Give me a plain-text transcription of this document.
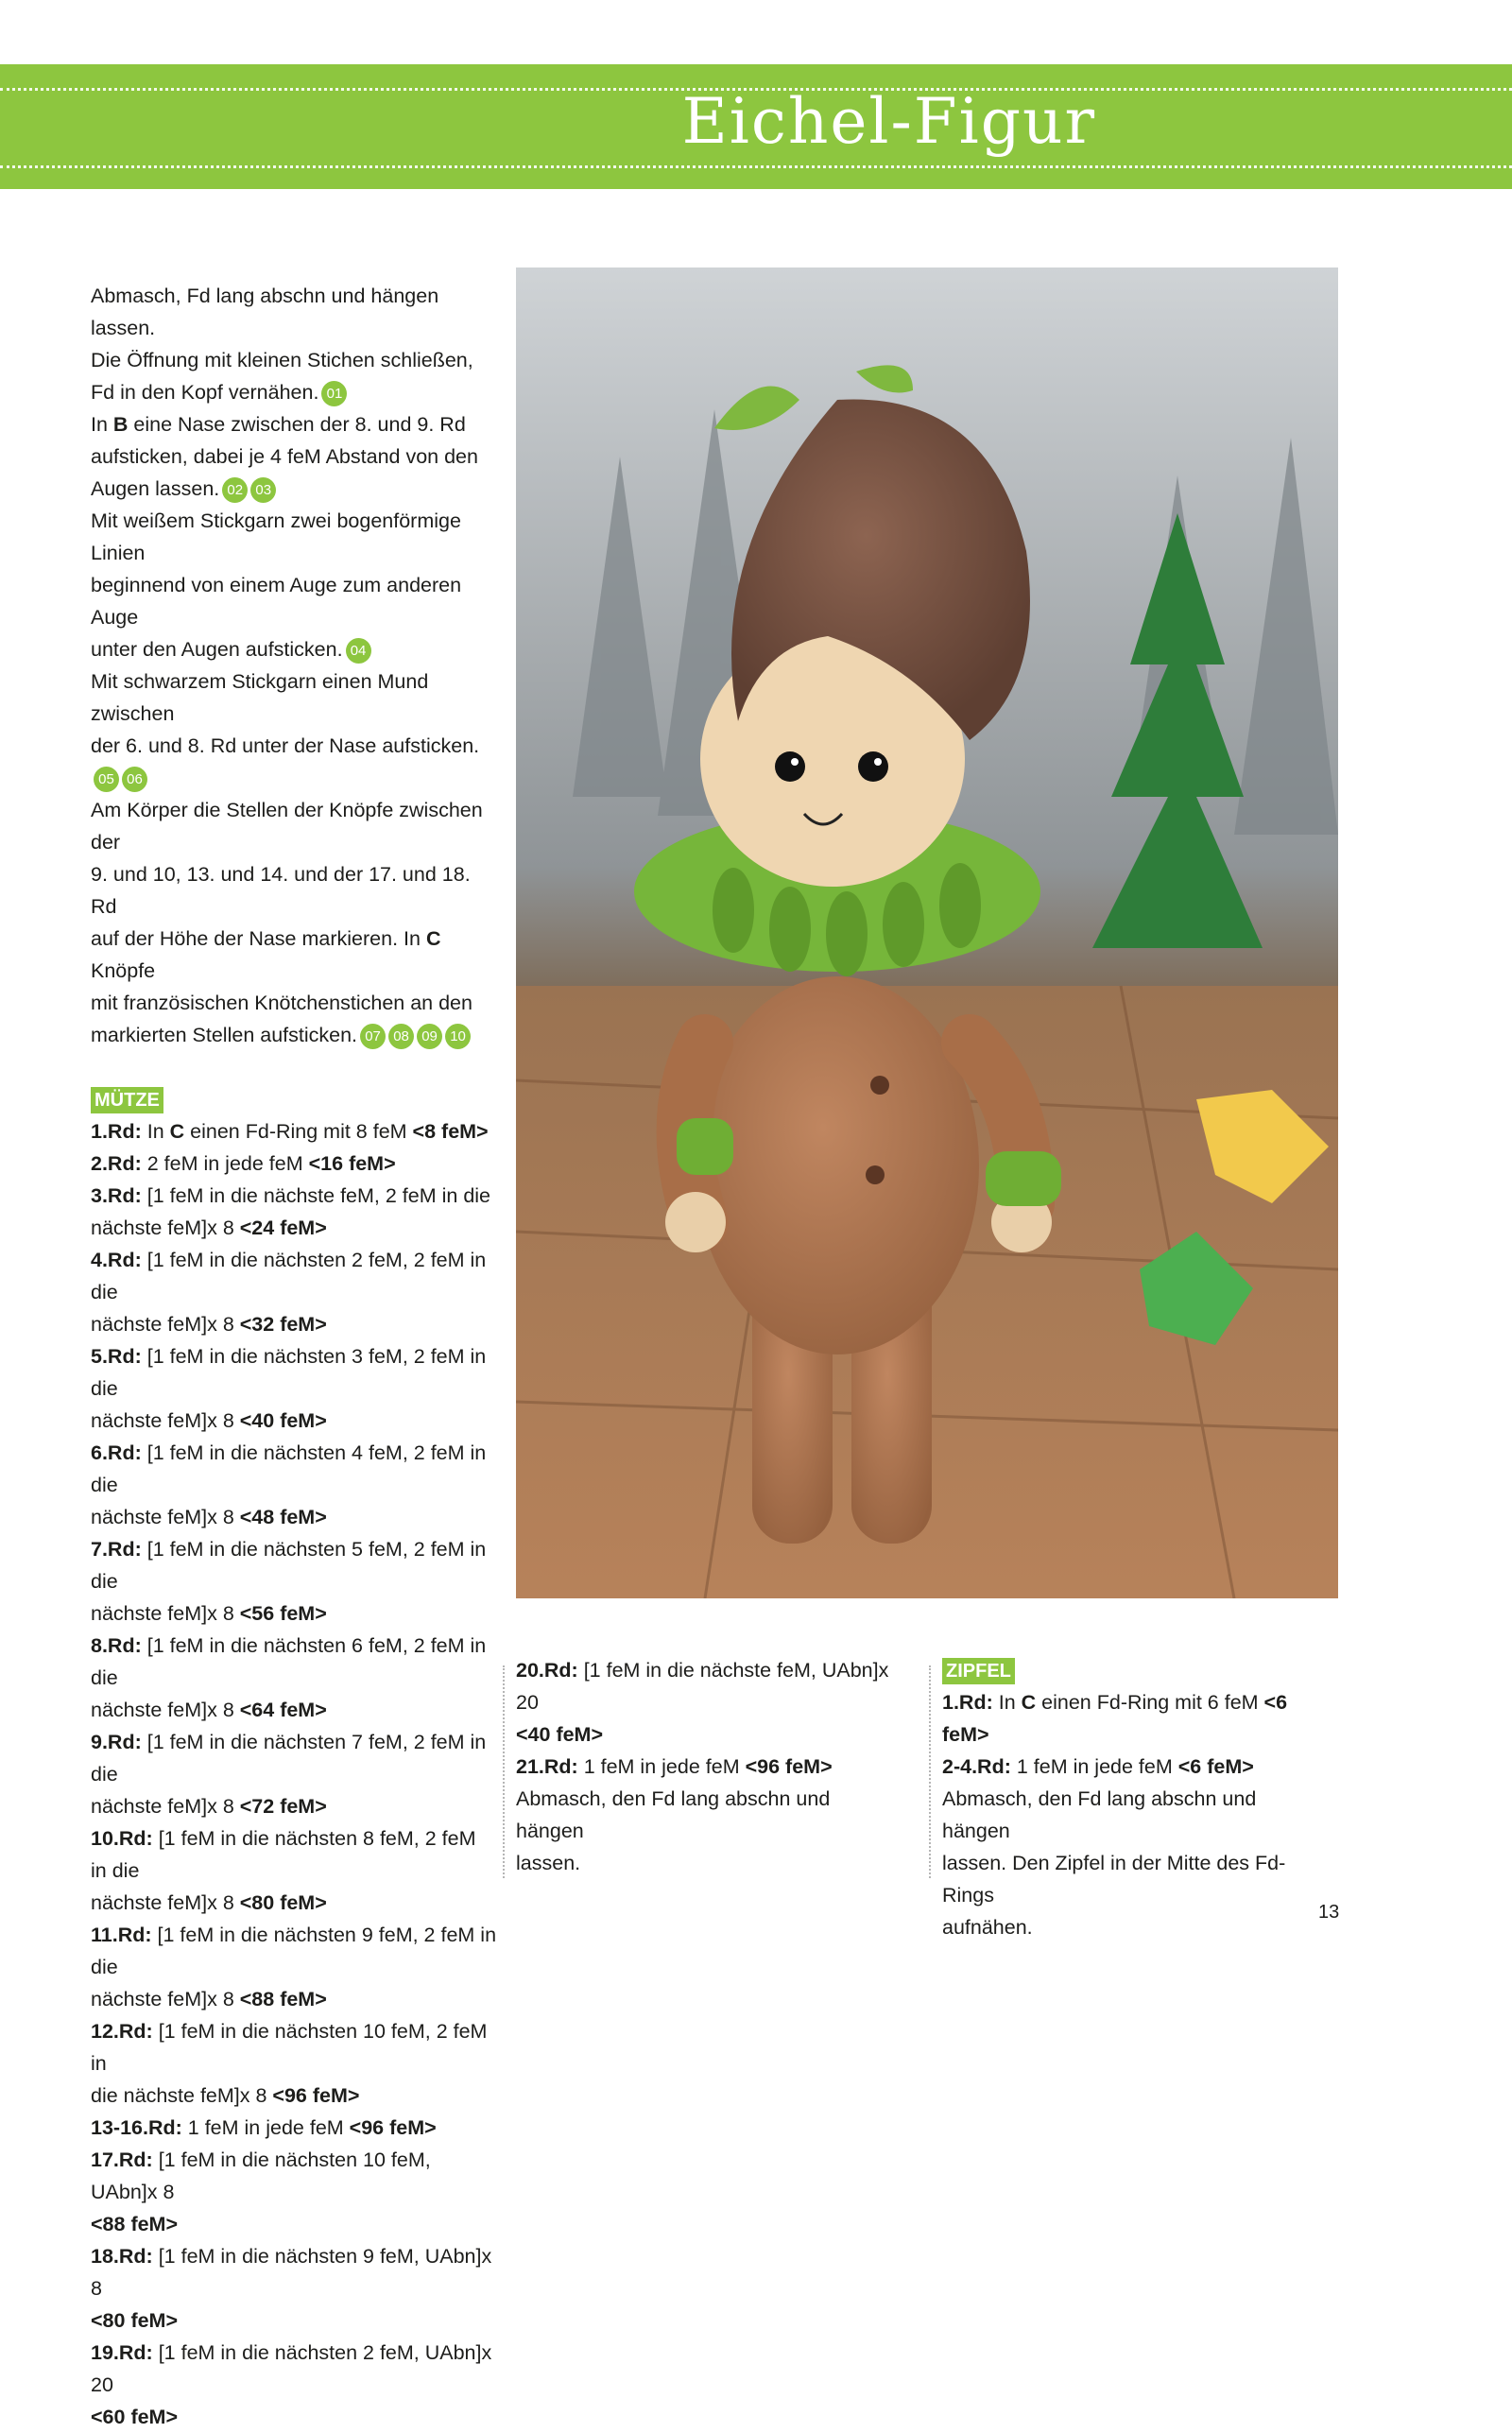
Eichel-Figur

Abmasch, Fd lang abschn und hängen lassen.

Die Öffnung mit kleinen Stichen schließen,

Fd in den Kopf vernähen. 01

In B eine Nase zwischen der 8. und 9. Rd

aufsticken, dabei je 4 feM Abstand von den

Augen lassen. 02 03

Mit weißem Stickgarn zwei bogenförmige Linien

beginnend von einem Auge zum anderen Auge

unter den Augen aufsticken. 04

Mit schwarzem Stickgarn einen Mund zwischen

der 6. und 8. Rd unter der Nase aufsticken.

05 06

Am Körper die Stellen der Knöpfe zwischen der

9. und 10, 13. und 14. und der 17. und 18. Rd

auf der Höhe der Nase markieren. In C Knöpfe

mit französischen Knötchenstichen an den

markierten Stellen aufsticken. 07 08 09 10

MÜTZE

1.Rd: In C einen Fd-Ring mit 8 feM <8 feM>

2.Rd: 2 feM in jede feM <16 feM>

3.Rd: [1 feM in die nächste feM, 2 feM in die
nächste feM]x 8 <24 feM>

4.Rd: [1 feM in die nächsten 2 feM, 2 feM in die
nächste feM]x 8 <32 feM>

5.Rd: [1 feM in die nächsten 3 feM, 2 feM in die
nächste feM]x 8 <40 feM>

6.Rd: [1 feM in die nächsten 4 feM, 2 feM in die
nächste feM]x 8 <48 feM>

7.Rd: [1 feM in die nächsten 5 feM, 2 feM in die
nächste feM]x 8 <56 feM>

8.Rd: [1 feM in die nächsten 6 feM, 2 feM in die
nächste feM]x 8 <64 feM>

9.Rd: [1 feM in die nächsten 7 feM, 2 feM in die
nächste feM]x 8 <72 feM>

10.Rd: [1 feM in die nächsten 8 feM, 2 feM in die
nächste feM]x 8 <80 feM>

11.Rd: [1 feM in die nächsten 9 feM, 2 feM in die
nächste feM]x 8 <88 feM>

12.Rd: [1 feM in die nächsten 10 feM, 2 feM in
die nächste feM]x 8 <96 feM>

13-16.Rd: 1 feM in jede feM <96 feM>

17.Rd: [1 feM in die nächsten 10 feM, UAbn]x 8
<88 feM>

18.Rd: [1 feM in die nächsten 9 feM, UAbn]x 8
<80 feM>

19.Rd: [1 feM in die nächsten 2 feM, UAbn]x 20
<60 feM>

20.Rd: [1 feM in die nächste feM, UAbn]x 20
<40 feM>

21.Rd: 1 feM in jede feM <96 feM>

Abmasch, den Fd lang abschn und hängen

lassen.

ZIPFEL

1.Rd: In C einen Fd-Ring mit 6 feM <6 feM>

2-4.Rd: 1 feM in jede feM <6 feM>

Abmasch, den Fd lang abschn und hängen

lassen. Den Zipfel in der Mitte des Fd- Rings

aufnähen.

13
